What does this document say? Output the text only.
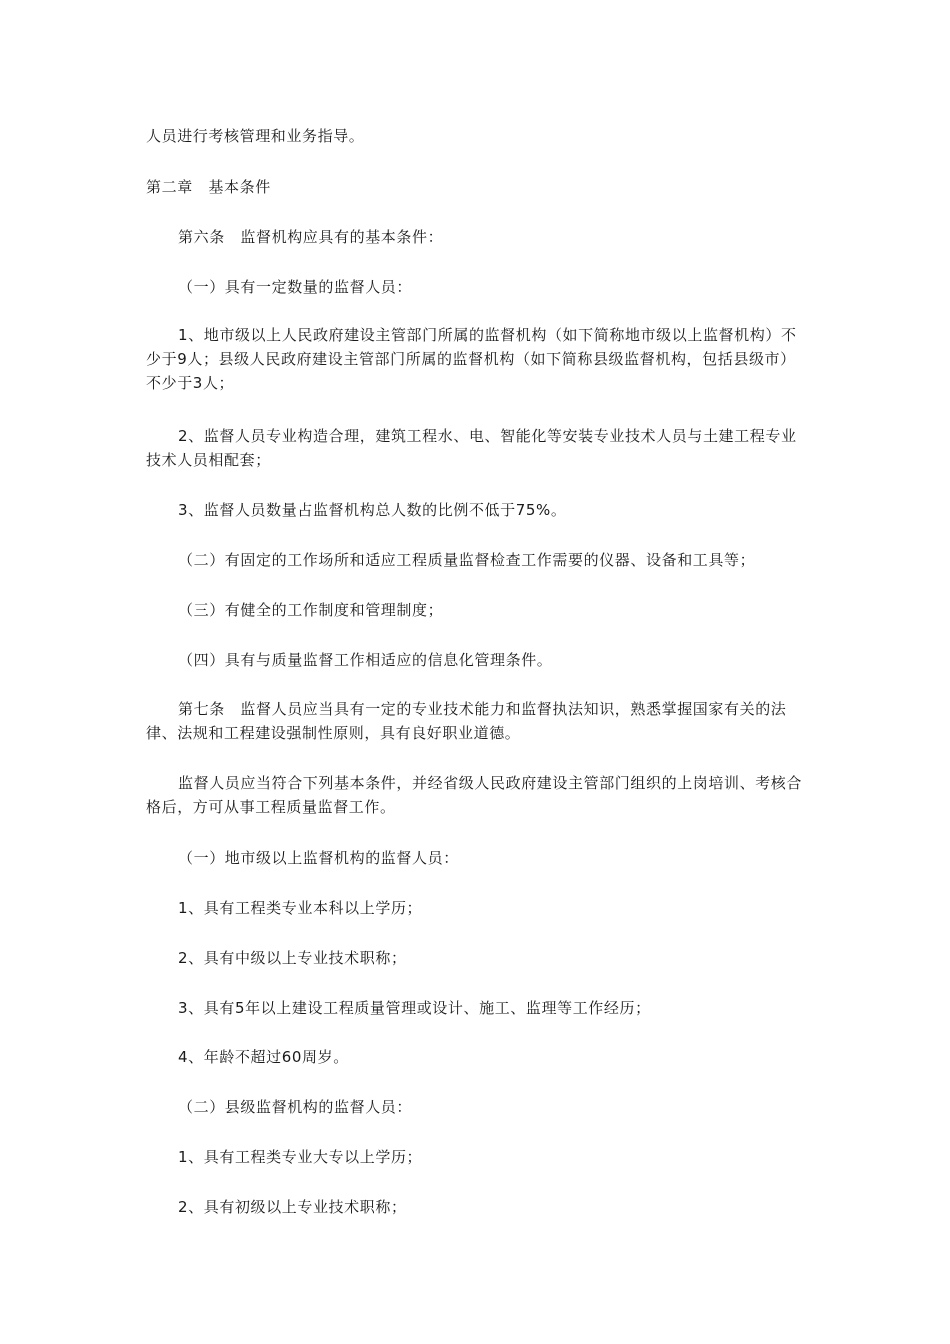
人员进行考核管理和业务指导。

第二章　基本条件

第六条　监督机构应具有的基本条件：

（一）具有一定数量的监督人员：

1、地市级以上人民政府建设主管部门所属的监督机构（如下简称地市级以上监督机构）不少于9人；县级人民政府建设主管部门所属的监督机构（如下简称县级监督机构，包括县级市）不少于3人；

2、监督人员专业构造合理，建筑工程水、电、智能化等安装专业技术人员与土建工程专业技术人员相配套；

3、监督人员数量占监督机构总人数的比例不低于75%。

（二）有固定的工作场所和适应工程质量监督检查工作需要的仪器、设备和工具等；

（三）有健全的工作制度和管理制度；

（四）具有与质量监督工作相适应的信息化管理条件。

第七条　监督人员应当具有一定的专业技术能力和监督执法知识，熟悉掌握国家有关的法律、法规和工程建设强制性原则，具有良好职业道德。

监督人员应当符合下列基本条件，并经省级人民政府建设主管部门组织的上岗培训、考核合格后，方可从事工程质量监督工作。

（一）地市级以上监督机构的监督人员：

1、具有工程类专业本科以上学历；

2、具有中级以上专业技术职称；

3、具有5年以上建设工程质量管理或设计、施工、监理等工作经历；

4、年龄不超过60周岁。

（二）县级监督机构的监督人员：

1、具有工程类专业大专以上学历；

2、具有初级以上专业技术职称；
